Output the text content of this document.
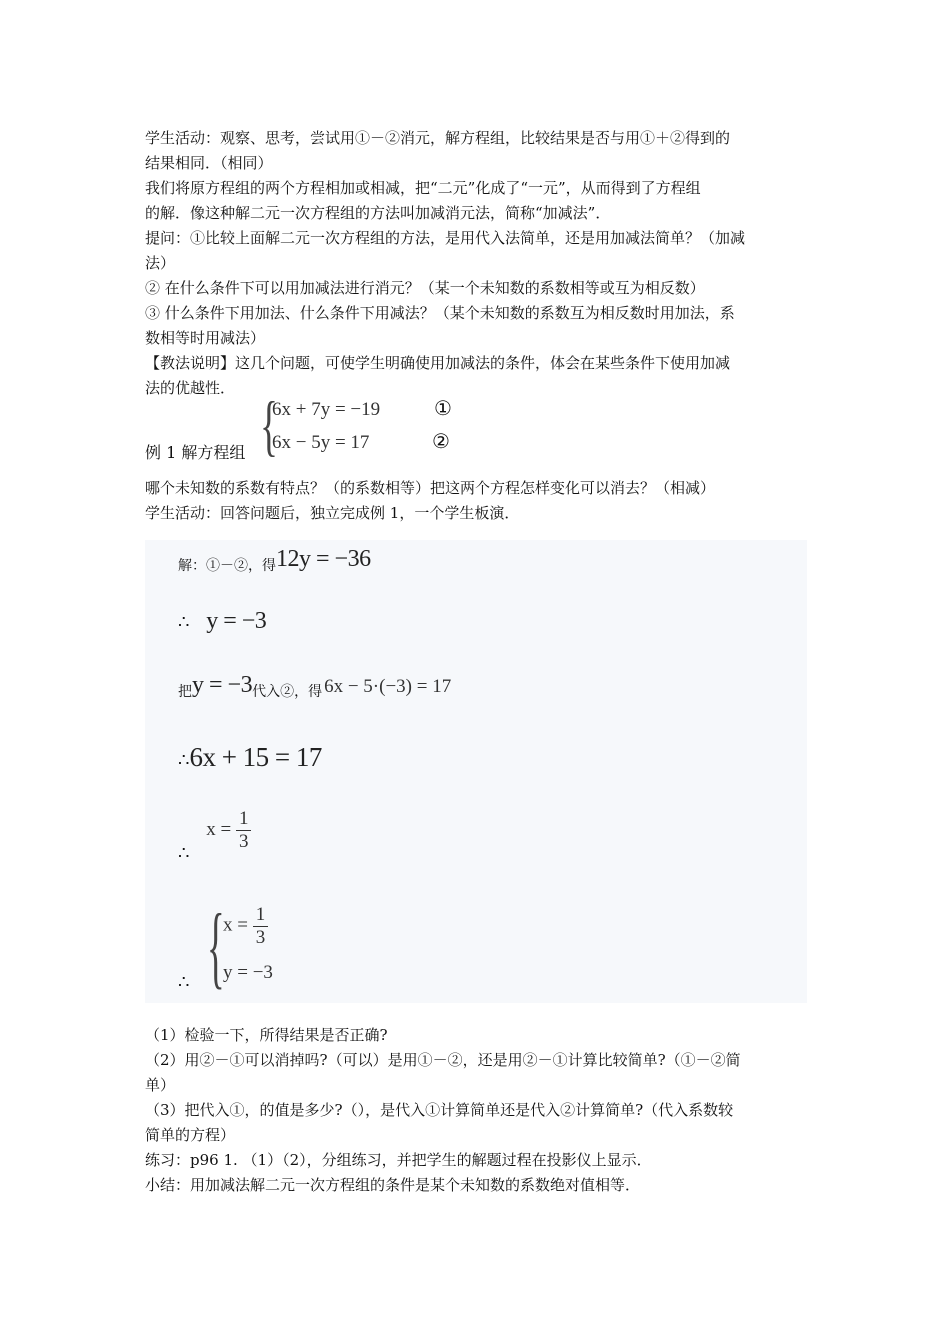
学生活动：观察、思考，尝试用①－②消元，解方程组，比较结果是否与用①＋②得到的
结果相同．（相同）
我们将原方程组的两个方程相加或相减，把“二元”化成了“一元”，从而得到了方程组
的解．像这种解二元一次方程组的方法叫加减消元法，简称“加减法”．
提问：①比较上面解二元一次方程组的方法，是用代入法简单，还是用加减法简单？（加减
法）
② 在什么条件下可以用加减法进行消元？（某一个未知数的系数相等或互为相反数）
③ 什么条件下用加法、什么条件下用减法？（某个未知数的系数互为相反数时用加法，系
数相等时用减法）
【教法说明】这几个问题，可使学生明确使用加减法的条件，体会在某些条件下使用加减
法的优越性．
例 1 解方程组 {
6x + 7y = −19	①
6x − 5y = 17	②
哪个未知数的系数有特点？（的系数相等）把这两个方程怎样变化可以消去？（相减）
学生活动：回答问题后，独立完成例 1，一个学生板演．
解：①－②，得12y = −36
∴ y = −3
把y = −3代入②，得 6x − 5·(−3) = 17
∴6x + 15 = 17
∴ $x = \frac{1}{3}$
∴ {
$x = \frac{1}{3}$
y = −3
（1）检验一下，所得结果是否正确?
（2）用②－①可以消掉吗?（可以）是用①－②，还是用②－①计算比较简单?（①－②简
单）
（3）把代入①，的值是多少?（），是代入①计算简单还是代入②计算简单?（代入系数较
简单的方程）
练习：p96 1. （1）（2），分组练习，并把学生的解题过程在投影仪上显示．
小结：用加减法解二元一次方程组的条件是某个未知数的系数绝对值相等．
